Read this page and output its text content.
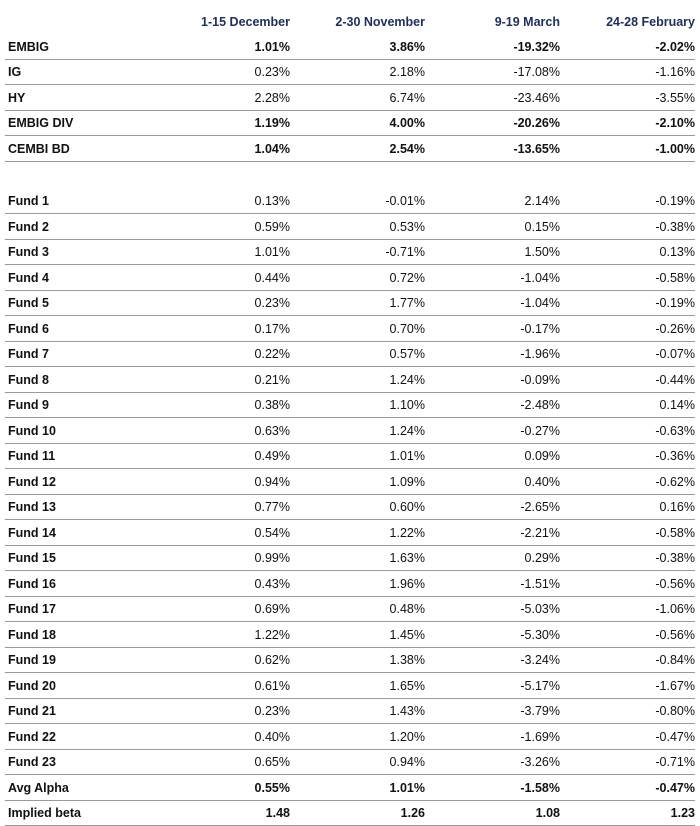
	1-15 December	2-30 November	9-19 March	24-28 February
EMBIG	1.01%	3.86%	-19.32%	-2.02%
IG	0.23%	2.18%	-17.08%	-1.16%
HY	2.28%	6.74%	-23.46%	-3.55%
EMBIG DIV	1.19%	4.00%	-20.26%	-2.10%
CEMBI BD	1.04%	2.54%	-13.65%	-1.00%

Fund 1	0.13%	-0.01%	2.14%	-0.19%
Fund 2	0.59%	0.53%	0.15%	-0.38%
Fund 3	1.01%	-0.71%	1.50%	0.13%
Fund 4	0.44%	0.72%	-1.04%	-0.58%
Fund 5	0.23%	1.77%	-1.04%	-0.19%
Fund 6	0.17%	0.70%	-0.17%	-0.26%
Fund 7	0.22%	0.57%	-1.96%	-0.07%
Fund 8	0.21%	1.24%	-0.09%	-0.44%
Fund 9	0.38%	1.10%	-2.48%	0.14%
Fund 10	0.63%	1.24%	-0.27%	-0.63%
Fund 11	0.49%	1.01%	0.09%	-0.36%
Fund 12	0.94%	1.09%	0.40%	-0.62%
Fund 13	0.77%	0.60%	-2.65%	0.16%
Fund 14	0.54%	1.22%	-2.21%	-0.58%
Fund 15	0.99%	1.63%	0.29%	-0.38%
Fund 16	0.43%	1.96%	-1.51%	-0.56%
Fund 17	0.69%	0.48%	-5.03%	-1.06%
Fund 18	1.22%	1.45%	-5.30%	-0.56%
Fund 19	0.62%	1.38%	-3.24%	-0.84%
Fund 20	0.61%	1.65%	-5.17%	-1.67%
Fund 21	0.23%	1.43%	-3.79%	-0.80%
Fund 22	0.40%	1.20%	-1.69%	-0.47%
Fund 23	0.65%	0.94%	-3.26%	-0.71%
Avg Alpha	0.55%	1.01%	-1.58%	-0.47%
Implied beta	1.48	1.26	1.08	1.23
